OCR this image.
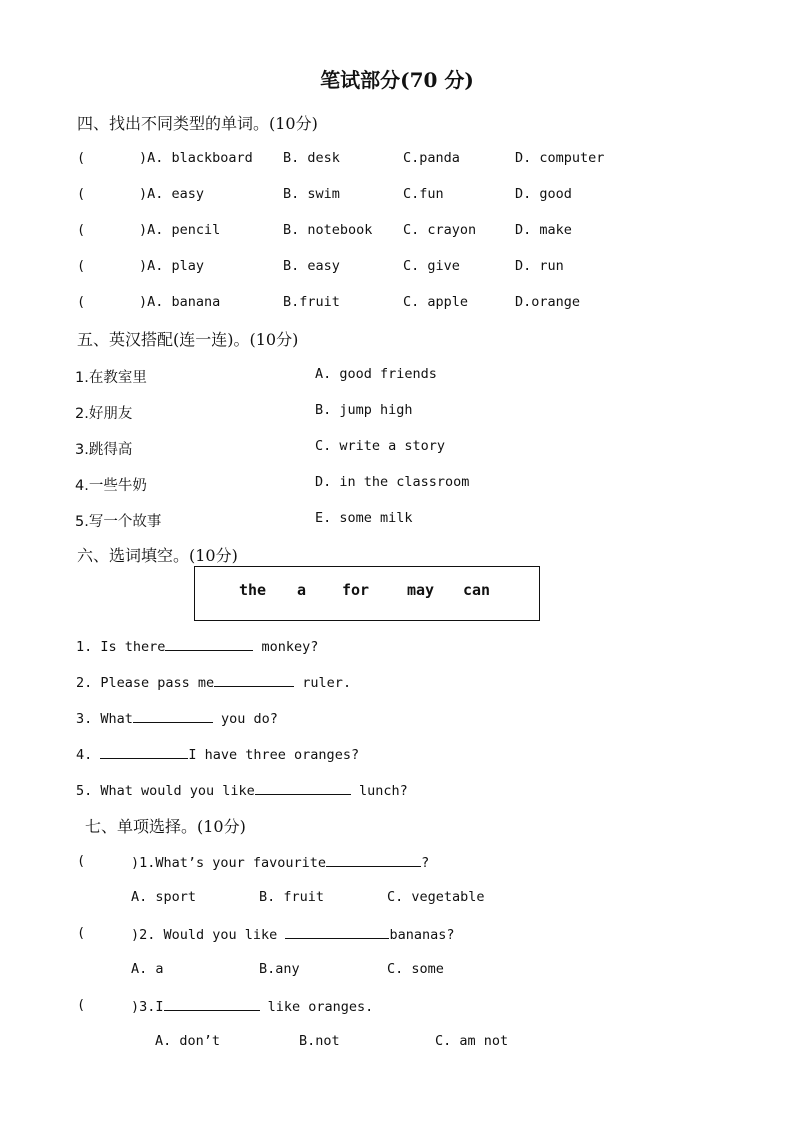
笔试部分(70 分)
四、找出不同类型的单词。(10分)
(	)A. blackboard B. desk	C.panda	D. computer
(	)A. easy	B. swim	C.fun	D. good
(	)A. pencil	B. notebook C. crayon	D. make
(	)A. play	B. easy	C. give	D. run
(	)A. banana	B.fruit	C. apple	D.orange
五、英汉搭配(连一连)。(10分)
1.在教室里	A. good friends
2.好朋友	B. jump high
3.跳得高	C. write a story
4.一些牛奶	D. in the classroom
5.写一个故事	E. some milk
六、选词填空。(10分)
the a for	may can
1. Is there	monkey?
2. Please pass me	ruler.
3. What	you do?
4.	I have three oranges?
5. What would you like	lunch?
七、单项选择。(10分)
(	)1.What’s your favourite	?
A. sport	B. fruit	C. vegetable
(	)2. Would you like	bananas?
A. a	B.any	C. some
(	)3.I	like oranges.
A. don’t	B.not	C. am not
